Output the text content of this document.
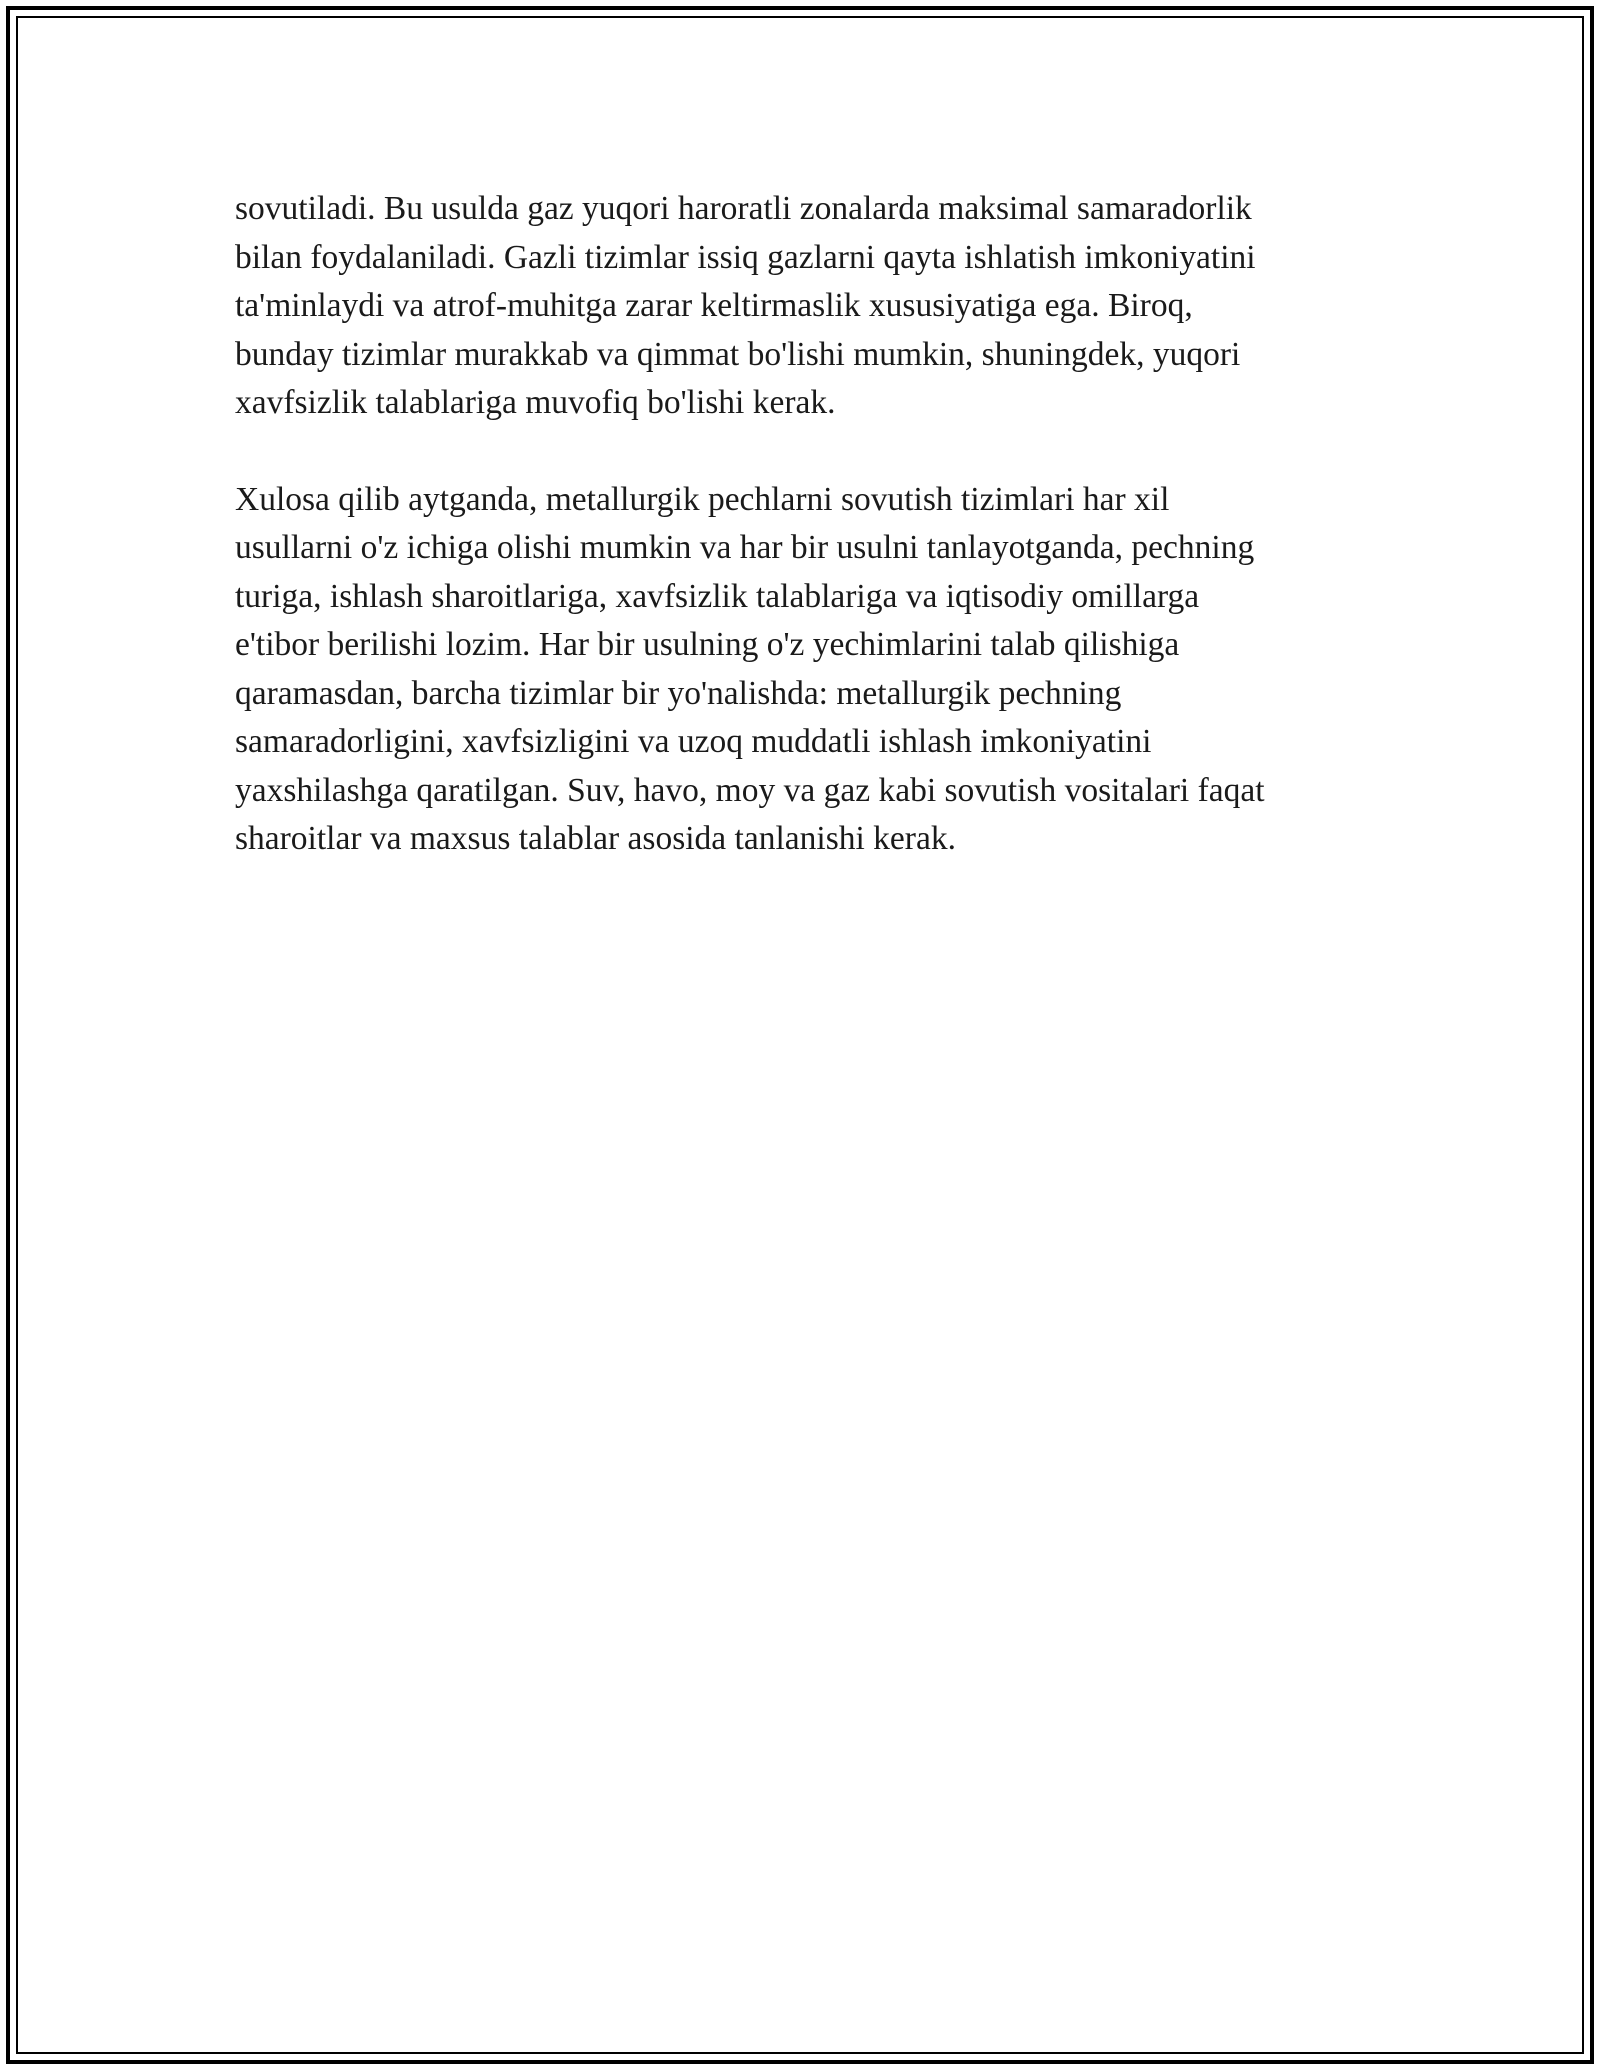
sovutiladi. Bu usulda gaz yuqori haroratli zonalarda maksimal samaradorlik
bilan foydalaniladi. Gazli tizimlar issiq gazlarni qayta ishlatish imkoniyatini
ta'minlaydi va atrof-muhitga zarar keltirmaslik xususiyatiga ega. Biroq,
bunday tizimlar murakkab va qimmat bo'lishi mumkin, shuningdek, yuqori
xavfsizlik talablariga muvofiq bo'lishi kerak.

Xulosa qilib aytganda, metallurgik pechlarni sovutish tizimlari har xil
usullarni o'z ichiga olishi mumkin va har bir usulni tanlayotganda, pechning
turiga, ishlash sharoitlariga, xavfsizlik talablariga va iqtisodiy omillarga
e'tibor berilishi lozim. Har bir usulning o'z yechimlarini talab qilishiga
qaramasdan, barcha tizimlar bir yo'nalishda: metallurgik pechning
samaradorligini, xavfsizligini va uzoq muddatli ishlash imkoniyatini
yaxshilashga qaratilgan. Suv, havo, moy va gaz kabi sovutish vositalari faqat
sharoitlar va maxsus talablar asosida tanlanishi kerak.
